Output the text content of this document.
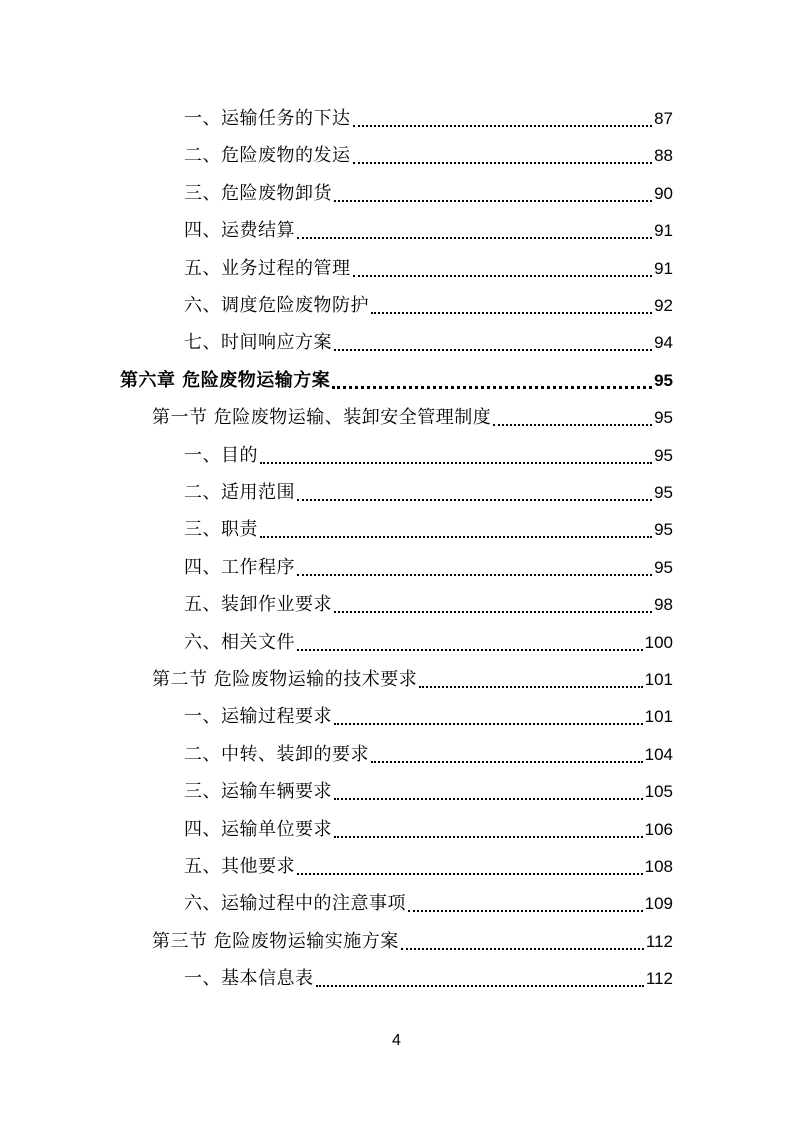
一、运输任务的下达	87
二、危险废物的发运	88
三、危险废物卸货	90
四、运费结算	91
五、业务过程的管理	91
六、调度危险废物防护	92
七、时间响应方案	94
第六章 危险废物运输方案	95
第一节 危险废物运输、装卸安全管理制度	95
一、目的	95
二、适用范围	95
三、职责	95
四、工作程序	95
五、装卸作业要求	98
六、相关文件	100
第二节 危险废物运输的技术要求	101
一、运输过程要求	101
二、中转、装卸的要求	104
三、运输车辆要求	105
四、运输单位要求	106
五、其他要求	108
六、运输过程中的注意事项	109
第三节 危险废物运输实施方案	112
一、基本信息表	112
4
